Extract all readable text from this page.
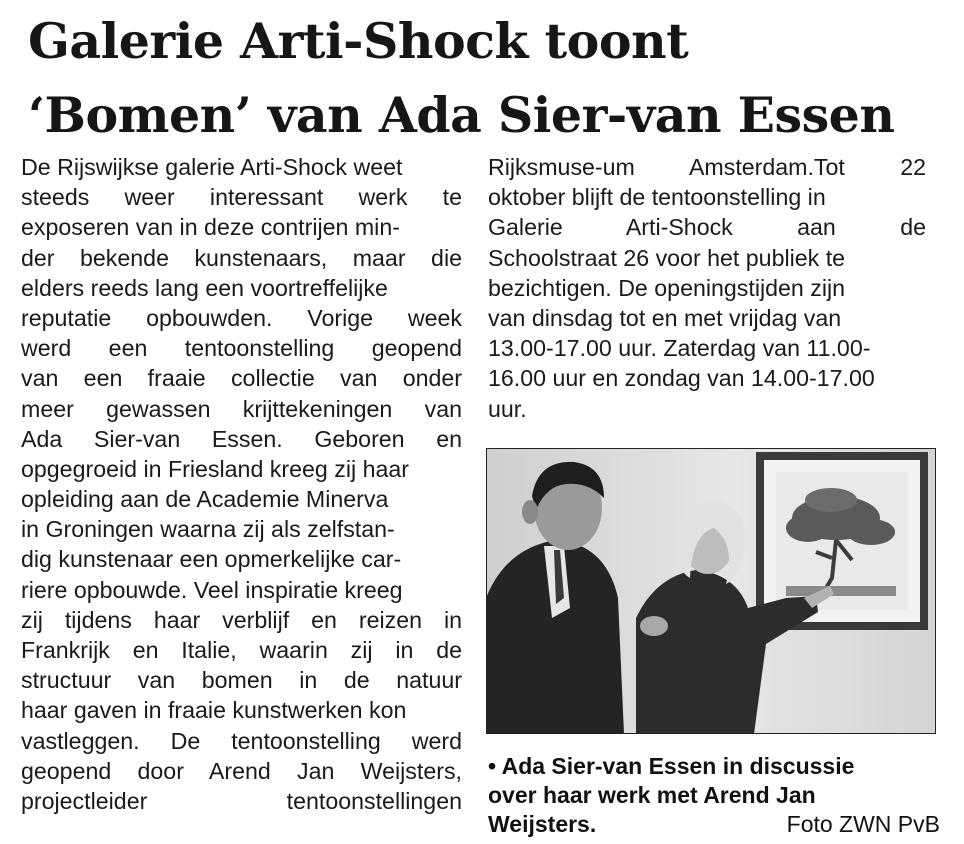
Galerie Arti-Shock toont
‘Bomen’ van Ada Sier-van Essen
De Rijswijkse galerie Arti-Shock weet
steeds weer interessant werk te
exposeren van in deze contrijen min-
der bekende kunstenaars, maar die
elders reeds lang een voortreffelijke
reputatie opbouwden. Vorige week
werd een tentoonstelling geopend
van een fraaie collectie van onder
meer gewassen krijttekeningen van
Ada Sier-van Essen. Geboren en
opgegroeid in Friesland kreeg zij haar
opleiding aan de Academie Minerva
in Groningen waarna zij als zelfstan-
dig kunstenaar een opmerkelijke car-
riere opbouwde. Veel inspiratie kreeg
zij tijdens haar verblijf en reizen in
Frankrijk en Italie, waarin zij in de
structuur van bomen in de natuur
haar gaven in fraaie kunstwerken kon
vastleggen. De tentoonstelling werd
geopend door Arend Jan Weijsters,
projectleider tentoonstellingen
Rijksmuse-um Amsterdam.Tot 22
oktober blijft de tentoonstelling in
Galerie Arti-Shock aan de
Schoolstraat 26 voor het publiek te
bezichtigen. De openingstijden zijn
van dinsdag tot en met vrijdag van
13.00-17.00 uur. Zaterdag van 11.00-
16.00 uur en zondag van 14.00-17.00
uur.
• Ada Sier-van Essen in discussie
over haar werk met Arend Jan
Weijsters.	Foto ZWN PvB
